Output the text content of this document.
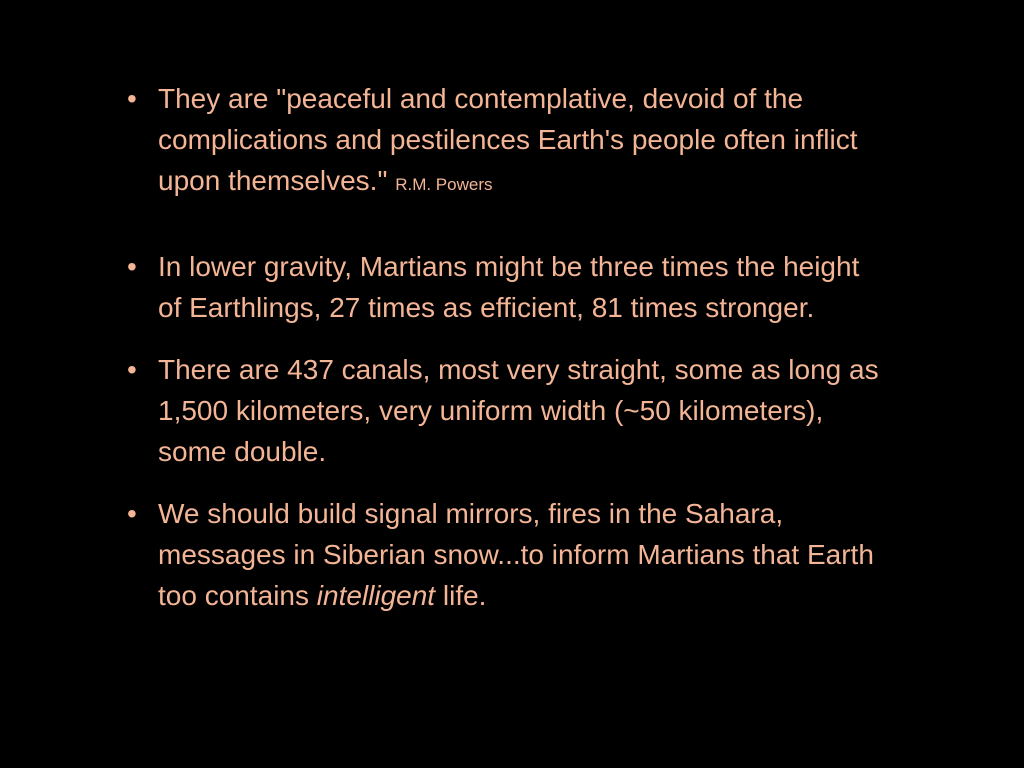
• They are "peaceful and contemplative, devoid of the complications and pestilences Earth's people often inflict upon themselves." R.M. Powers
• In lower gravity, Martians might be three times the height of Earthlings, 27 times as efficient, 81 times stronger.
• There are 437 canals, most very straight, some as long as 1,500 kilometers, very uniform width (~50 kilometers), some double.
• We should build signal mirrors, fires in the Sahara, messages in Siberian snow...to inform Martians that Earth too contains intelligent life.
